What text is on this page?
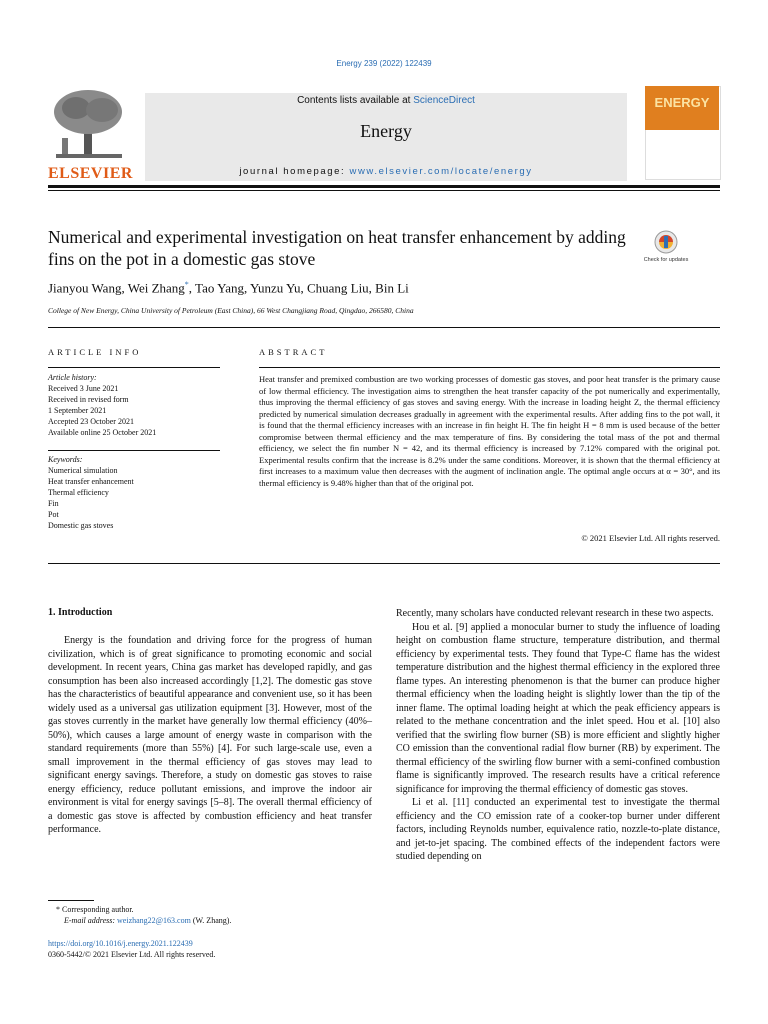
Energy 239 (2022) 122439
ELSEVIER
Contents lists available at ScienceDirect
Energy
journal homepage: www.elsevier.com/locate/energy
ENERGY
Numerical and experimental investigation on heat transfer enhancement by adding fins on the pot in a domestic gas stove	Check for updates
Jianyou Wang, Wei Zhang*, Tao Yang, Yunzu Yu, Chuang Liu, Bin Li
College of New Energy, China University of Petroleum (East China), 66 West Changjiang Road, Qingdao, 266580, China
ARTICLE INFO	ABSTRACT
Article history:
Received 3 June 2021
Received in revised form
1 September 2021
Accepted 23 October 2021
Available online 25 October 2021
Keywords:
Numerical simulation
Heat transfer enhancement
Thermal efficiency
Fin
Pot
Domestic gas stoves
Heat transfer and premixed combustion are two working processes of domestic gas stoves, and poor heat transfer is the primary cause of low thermal efficiency. The investigation aims to strengthen the heat transfer capacity of the pot numerically and experimentally, thus improving the thermal efficiency of gas stoves and saving energy. With the increase in loading height Z, the thermal efficiency predicted by numerical simulation decreases gradually in agreement with the experimental results. After adding fins to the pot wall, it is found that the thermal efficiency increases with an increase in fin height H. The fin height H = 8 mm is used because of the better compromise between thermal efficiency and the max temperature of fins. By considering the total mass of the pot and thermal efficiency, we select the fin number N = 42, and its thermal efficiency is increased by 7.12% compared with the original pot. Experimental results confirm that the increase is 8.2% under the same conditions. Moreover, it is shown that the thermal efficiency at first increases to a maximum value then decreases with the augment of inclination angle. The optimal angle occurs at α = 30°, and its thermal efficiency is 9.48% higher than that of the original pot.
© 2021 Elsevier Ltd. All rights reserved.
1. Introduction

Energy is the foundation and driving force for the progress of human civilization, which is of great significance to promoting economic and social development. In recent years, China gas market has developed rapidly, and gas consumption has been also increased accordingly [1,2]. The domestic gas stove has the characteristics of beautiful appearance and convenient use, so it has been widely used as a universal gas utilization equipment [3]. However, most of the gas stoves currently in the market have generally low thermal efficiency (40%–50%), which causes a large amount of energy waste in comparison with the standard requirements (more than 55%) [4]. For such large-scale use, even a small improvement in the thermal efficiency of gas stoves may lead to significant energy savings. Therefore, a study on domestic gas stoves to raise energy efficiency, reduce pollutant emissions, and improve the indoor air environment is vital for energy savings [5–8]. The overall thermal efficiency of a domestic gas stove is affected by combustion efficiency and heat transfer performance.

Recently, many scholars have conducted relevant research in these two aspects.

Hou et al. [9] applied a monocular burner to study the influence of loading height on combustion flame structure, temperature distribution, and thermal efficiency by experimental tests. They found that Type-C flame has the widest temperature distribution and the highest thermal efficiency in the explored three flame types. An interesting phenomenon is that the burner can produce higher thermal efficiency when the loading height is slightly lower than the tip of the inner flame. The optimal loading height at which the peak efficiency appears is related to the methane concentration and the inlet speed. Hou et al. [10] also verified that the swirling flow burner (SB) is more efficient and slightly higher CO emission than the conventional radial flow burner (RB) by experiment. The thermal efficiency of the swirling flow burner with a semi-confined combustion flame is significantly improved. The research results have a critical reference significance for improving the thermal efficiency of domestic gas stoves.

Li et al. [11] conducted an experimental test to investigate the thermal efficiency and the CO emission rate of a cooker-top burner under different factors, including Reynolds number, equivalence ratio, nozzle-to-plate distance, and jet-to-jet spacing. The combined effects of the independent factors were studied depending on

* Corresponding author.
E-mail address: weizhang22@163.com (W. Zhang).
https://doi.org/10.1016/j.energy.2021.122439
0360-5442/© 2021 Elsevier Ltd. All rights reserved.
